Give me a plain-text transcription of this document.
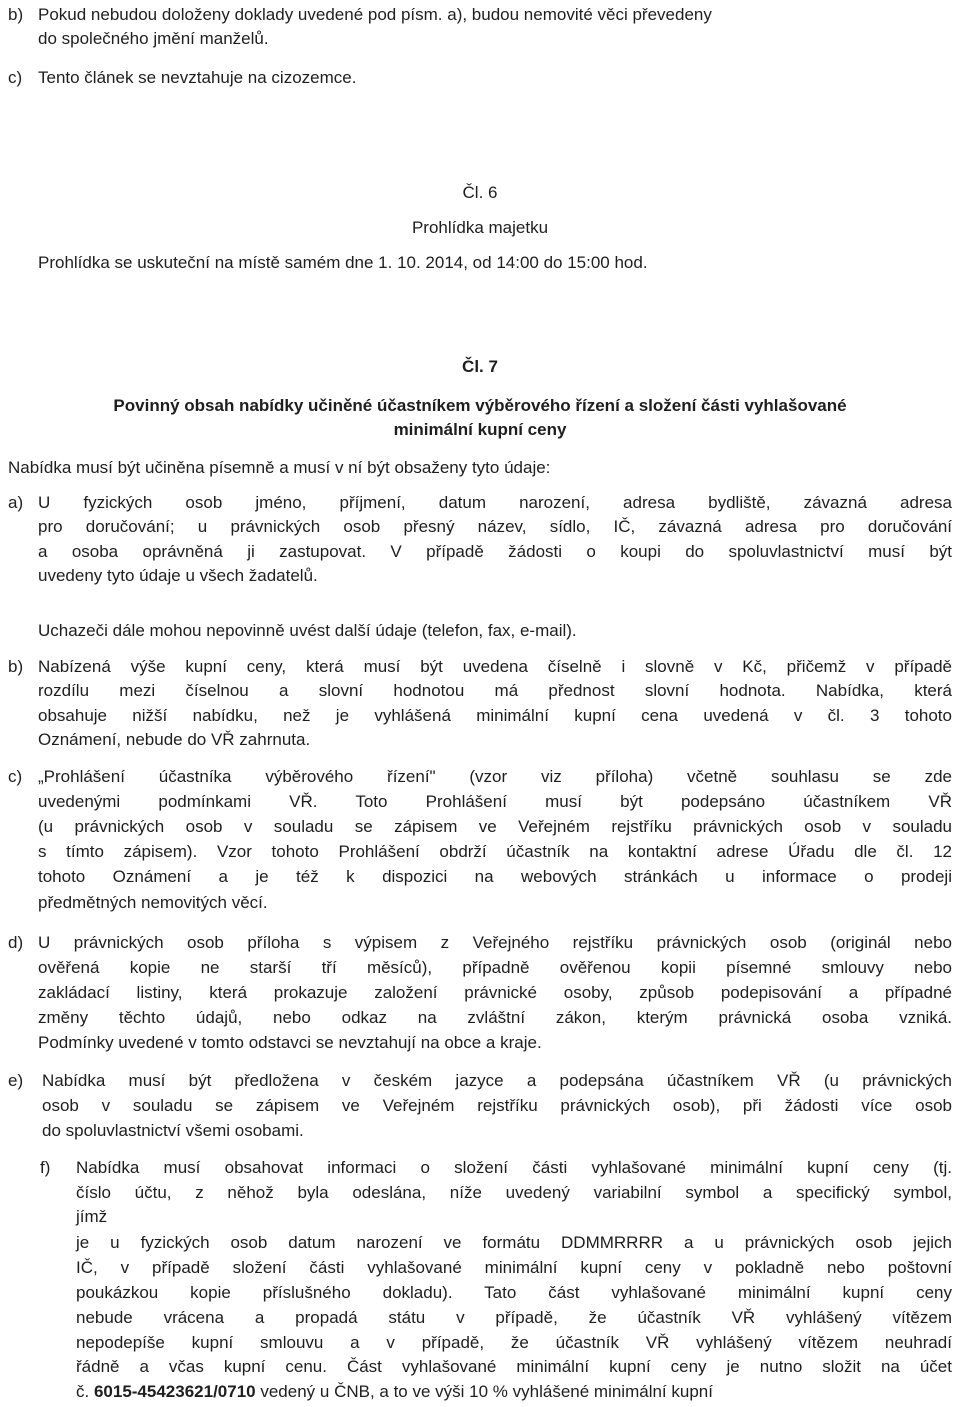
b) Pokud nebudou doloženy doklady uvedené pod písm. a), budou nemovité věci převedeny
do společného jmění manželů.
c) Tento článek se nevztahuje na cizozemce.
Čl. 6
Prohlídka majetku
Prohlídka se uskuteční na místě samém dne 1. 10. 2014, od 14:00 do 15:00 hod.
Čl. 7
Povinný obsah nabídky učiněné účastníkem výběrového řízení a složení části vyhlašované
minimální kupní ceny
Nabídka musí být učiněna písemně a musí v ní být obsaženy tyto údaje:
a) U fyzických osob jméno, příjmení, datum narození, adresa bydliště, závazná adresa
pro doručování; u právnických osob přesný název, sídlo, IČ, závazná adresa pro doručování
a osoba oprávněná ji zastupovat. V případě žádosti o koupi do spoluvlastnictví musí být
uvedeny tyto údaje u všech žadatelů.
Uchazeči dále mohou nepovinně uvést další údaje (telefon, fax, e-mail).
b) Nabízená výše kupní ceny, která musí být uvedena číselně i slovně v Kč, přičemž v případě
rozdílu mezi číselnou a slovní hodnotou má přednost slovní hodnota. Nabídka, která
obsahuje nižší nabídku, než je vyhlášená minimální kupní cena uvedená v čl. 3 tohoto
Oznámení, nebude do VŘ zahrnuta.
c) „Prohlášení účastníka výběrového řízení" (vzor viz příloha) včetně souhlasu se zde
uvedenými podmínkami VŘ. Toto Prohlášení musí být podepsáno účastníkem VŘ
(u právnických osob v souladu se zápisem ve Veřejném rejstříku právnických osob v souladu
s tímto zápisem). Vzor tohoto Prohlášení obdrží účastník na kontaktní adrese Úřadu dle čl. 12
tohoto Oznámení a je též k dispozici na webových stránkách u informace o prodeji
předmětných nemovitých věcí.
d) U právnických osob příloha s výpisem z Veřejného rejstříku právnických osob (originál nebo
ověřená kopie ne starší tří měsíců), případně ověřenou kopii písemné smlouvy nebo
zakládací listiny, která prokazuje založení právnické osoby, způsob podepisování a případné
změny těchto údajů, nebo odkaz na zvláštní zákon, kterým právnická osoba vzniká.
Podmínky uvedené v tomto odstavci se nevztahují na obce a kraje.
e) Nabídka musí být předložena v českém jazyce a podepsána účastníkem VŘ (u právnických
osob v souladu se zápisem ve Veřejném rejstříku právnických osob), při žádosti více osob
do spoluvlastnictví všemi osobami.
f) Nabídka musí obsahovat informaci o složení části vyhlašované minimální kupní ceny (tj.
číslo účtu, z něhož byla odeslána, níže uvedený variabilní symbol a specifický symbol,
jímž
je u fyzických osob datum narození ve formátu DDMMRRRR a u právnických osob jejich
IČ, v případě složení části vyhlašované minimální kupní ceny v pokladně nebo poštovní
poukázkou kopie příslušného dokladu). Tato část vyhlašované minimální kupní ceny
nebude vrácena a propadá státu v případě, že účastník VŘ vyhlášený vítězem
nepodepíše kupní smlouvu a v případě, že účastník VŘ vyhlášený vítězem neuhradí
řádně a včas kupní cenu. Část vyhlašované minimální kupní ceny je nutno složit na účet
č. 6015-45423621/0710 vedený u ČNB, a to ve výši 10 % vyhlášené minimální kupní
